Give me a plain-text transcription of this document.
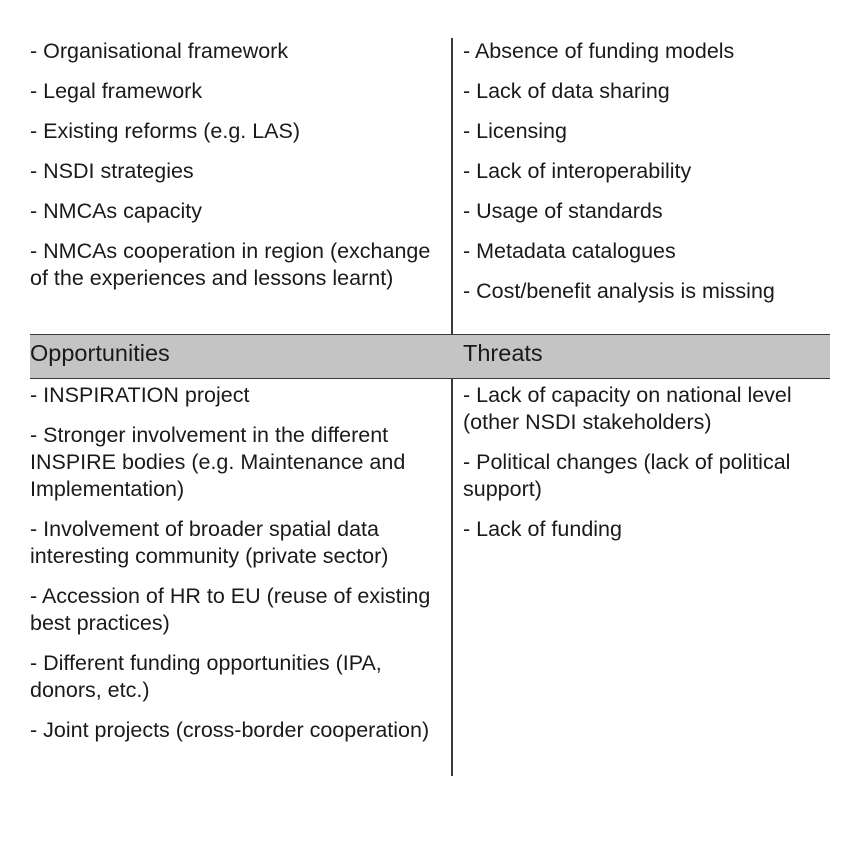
- Organisational framework
- Legal framework
- Existing reforms (e.g. LAS)
- NSDI strategies
- NMCAs capacity
- NMCAs cooperation in region (exchange of the experiences and lessons learnt)
- Absence of funding models
- Lack of data sharing
- Licensing
- Lack of interoperability
- Usage of standards
- Metadata catalogues
- Cost/benefit analysis is missing
Opportunities	Threats
- INSPIRATION project
- Stronger involvement in the different INSPIRE bodies (e.g. Maintenance and Implementation)
- Involvement of broader spatial data interesting community (private sector)
- Accession of HR to EU (reuse of existing best practices)
- Different funding opportunities (IPA, donors, etc.)
- Joint projects (cross-border cooperation)
- Lack of capacity on national level (other NSDI stakeholders)
- Political changes (lack of political support)
- Lack of funding
